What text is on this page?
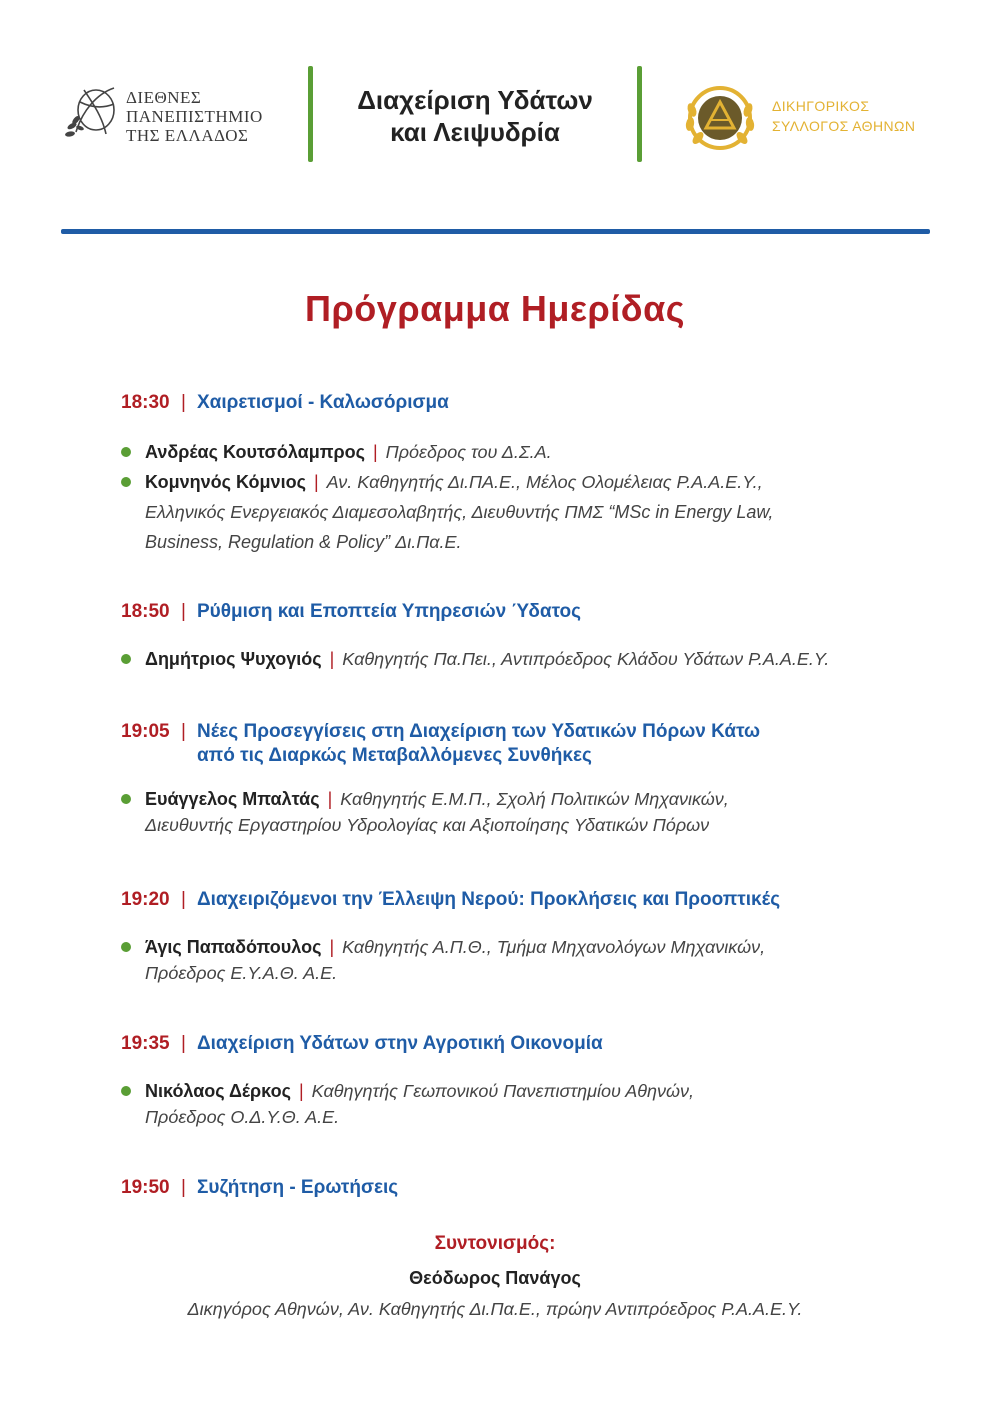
ΔΙΕΘΝΕΣ
ΠΑΝΕΠΙΣΤΗΜΙΟ
ΤΗΣ ΕΛΛΑΔΟΣ
Διαχείριση Υδάτων
και Λειψυδρία
ΔΙΚΗΓΟΡΙΚΟΣ
ΣΥΛΛΟΓΟΣ ΑΘΗΝΩΝ
Πρόγραμμα Ημερίδας
18:30 | Χαιρετισμοί - Καλωσόρισμα
Ανδρέας Κουτσόλαμπρος | Πρόεδρος του Δ.Σ.Α.
Κομνηνός Κόμνιος | Αν. Καθηγητής Δι.ΠΑ.Ε., Μέλος Ολομέλειας Ρ.Α.Α.Ε.Υ.,
Ελληνικός Ενεργειακός Διαμεσολαβητής, Διευθυντής ΠΜΣ “MSc in Energy Law,
Business, Regulation & Policy” Δι.Πα.Ε.
18:50 | Ρύθμιση και Εποπτεία Υπηρεσιών Ύδατος
Δημήτριος Ψυχογιός | Καθηγητής Πα.Πει., Αντιπρόεδρος Κλάδου Υδάτων Ρ.Α.Α.Ε.Υ.
19:05 | Νέες Προσεγγίσεις στη Διαχείριση των Υδατικών Πόρων Κάτω
από τις Διαρκώς Μεταβαλλόμενες Συνθήκες
Ευάγγελος Μπαλτάς | Καθηγητής Ε.Μ.Π., Σχολή Πολιτικών Μηχανικών,
Διευθυντής Εργαστηρίου Υδρολογίας και Αξιοποίησης Υδατικών Πόρων
19:20 | Διαχειριζόμενοι την Έλλειψη Νερού: Προκλήσεις και Προοπτικές
Άγις Παπαδόπουλος | Καθηγητής Α.Π.Θ., Τμήμα Μηχανολόγων Μηχανικών,
Πρόεδρος Ε.Υ.Α.Θ. Α.Ε.
19:35 | Διαχείριση Υδάτων στην Αγροτική Οικονομία
Νικόλαος Δέρκος | Καθηγητής Γεωπονικού Πανεπιστημίου Αθηνών,
Πρόεδρος Ο.Δ.Υ.Θ. Α.Ε.
19:50 | Συζήτηση - Ερωτήσεις
Συντονισμός:
Θεόδωρος Πανάγος
Δικηγόρος Αθηνών, Αν. Καθηγητής Δι.Πα.Ε., πρώην Αντιπρόεδρος Ρ.Α.Α.Ε.Υ.
